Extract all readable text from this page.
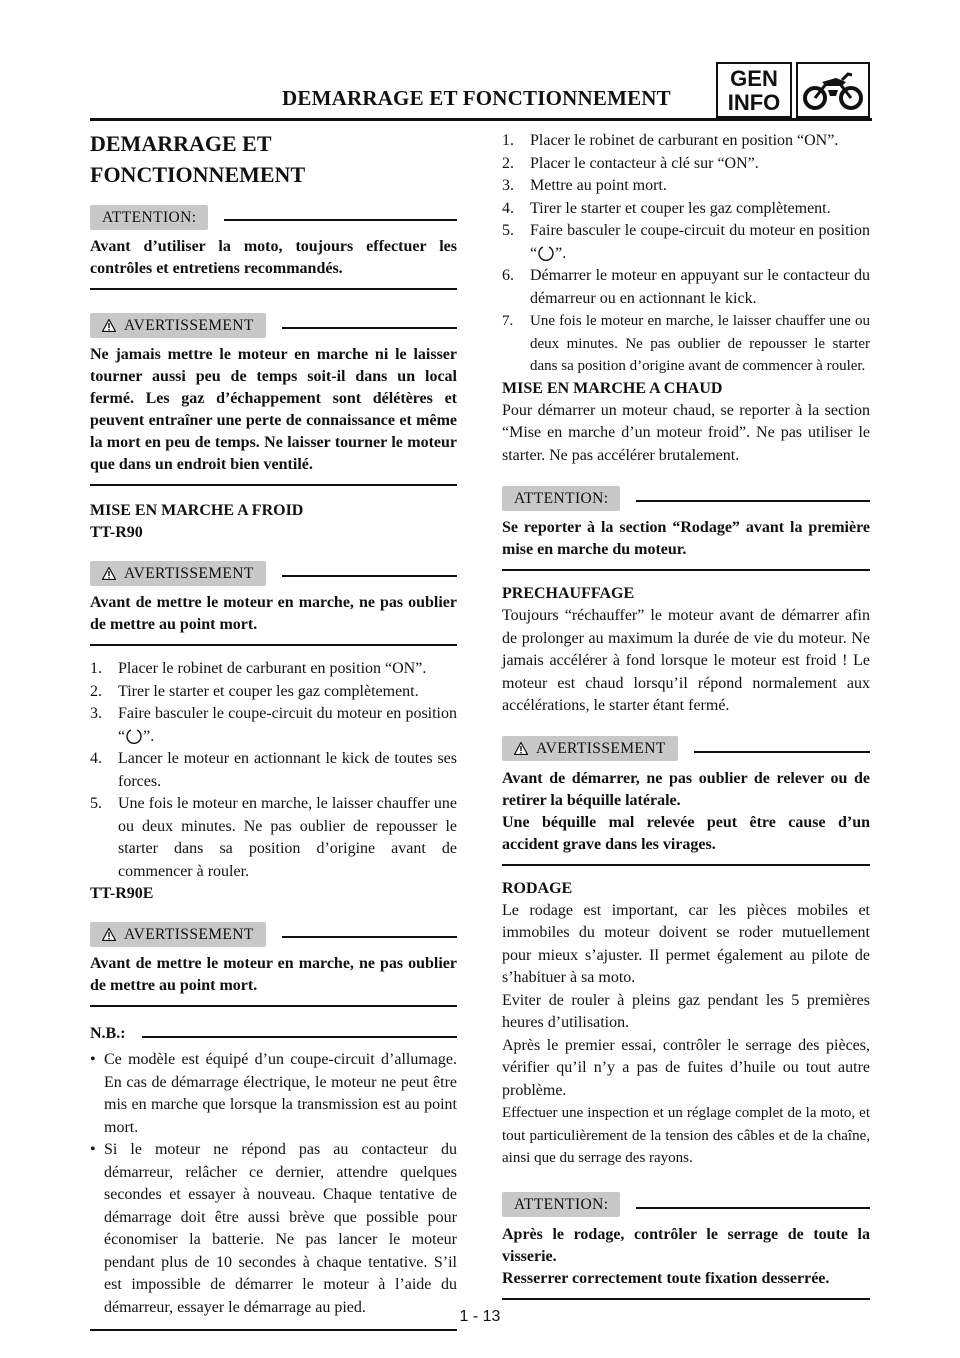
DEMARRAGE ET FONCTIONNEMENT
GEN
INFO
DEMARRAGE ET
FONCTIONNEMENT
ATTENTION:

Avant d’utiliser la moto, toujours effectuer les contrôles et entretiens recommandés.

AVERTISSEMENT

Ne jamais mettre le moteur en marche ni le laisser tourner aussi peu de temps soit-il dans un local fermé. Les gaz d’échappement sont délétères et peuvent entraîner une perte de connaissance et même la mort en peu de temps. Ne laisser tourner le moteur que dans un endroit bien ventilé.

MISE EN MARCHE A FROID

TT-R90

AVERTISSEMENT

Avant de mettre le moteur en marche, ne pas oublier de mettre au point mort.

1. Placer le robinet de carburant en position “ON”.
2. Tirer le starter et couper les gaz complètement.
3. Faire basculer le coupe-circuit du moteur en position “ ”.
4. Lancer le moteur en actionnant le kick de toutes ses forces.
5. Une fois le moteur en marche, le laisser chauffer une ou deux minutes. Ne pas oublier de repousser le starter dans sa position d’origine avant de commencer à rouler.

TT-R90E

AVERTISSEMENT

Avant de mettre le moteur en marche, ne pas oublier de mettre au point mort.

N.B.:
• Ce modèle est équipé d’un coupe-circuit d’allumage. En cas de démarrage électrique, le moteur ne peut être mis en marche que lorsque la transmission est au point mort.
• Si le moteur ne répond pas au contacteur du démarreur, relâcher ce dernier, attendre quelques secondes et essayer à nouveau. Chaque tentative de démarrage doit être aussi brève que possible pour économiser la batterie. Ne pas lancer le moteur pendant plus de 10 secondes à chaque tentative. S’il est impossible de démarrer le moteur à l’aide du démarreur, essayer le démarrage au pied.
1. Placer le robinet de carburant en position “ON”.
2. Placer le contacteur à clé sur “ON”.
3. Mettre au point mort.
4. Tirer le starter et couper les gaz complètement.
5. Faire basculer le coupe-circuit du moteur en position “ ”.
6. Démarrer le moteur en appuyant sur le contacteur du démarreur ou en actionnant le kick.
7. Une fois le moteur en marche, le laisser chauffer une ou deux minutes. Ne pas oublier de repousser le starter dans sa position d’origine avant de commencer à rouler.

MISE EN MARCHE A CHAUD

Pour démarrer un moteur chaud, se reporter à la section “Mise en marche d’un moteur froid”. Ne pas utiliser le starter. Ne pas accélérer brutalement.

ATTENTION:

Se reporter à la section “Rodage” avant la première mise en marche du moteur.

PRECHAUFFAGE

Toujours “réchauffer” le moteur avant de démarrer afin de prolonger au maximum la durée de vie du moteur. Ne jamais accélérer à fond lorsque le moteur est froid ! Le moteur est chaud lorsqu’il répond normalement aux accélérations, le starter étant fermé.

AVERTISSEMENT

Avant de démarrer, ne pas oublier de relever ou de retirer la béquille latérale.

Une béquille mal relevée peut être cause d’un accident grave dans les virages.

RODAGE

Le rodage est important, car les pièces mobiles et immobiles du moteur doivent se roder mutuellement pour mieux s’ajuster. Il permet également au pilote de s’habituer à sa moto.

Eviter de rouler à pleins gaz pendant les 5 premières heures d’utilisation.

Après le premier essai, contrôler le serrage des pièces, vérifier qu’il n’y a pas de fuites d’huile ou tout autre problème.

Effectuer une inspection et un réglage complet de la moto, et tout particulièrement de la tension des câbles et de la chaîne, ainsi que du serrage des rayons.

ATTENTION:

Après le rodage, contrôler le serrage de toute la visserie.

Resserrer correctement toute fixation desserrée.

1 - 13
